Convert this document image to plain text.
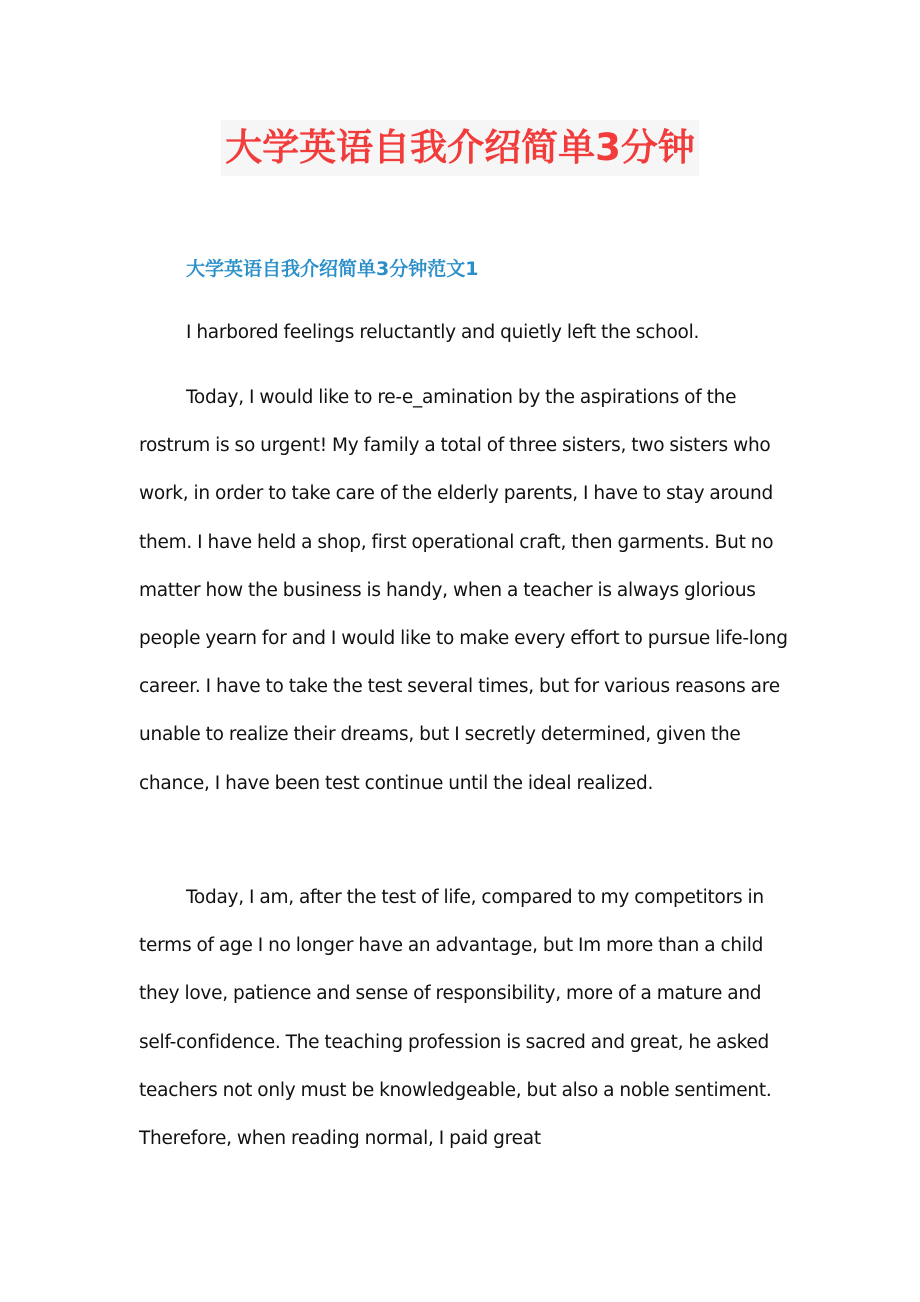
大学英语自我介绍简单3分钟
大学英语自我介绍简单3分钟范文1

I harbored feelings reluctantly and quietly left the school.

Today, I would like to re-e_amination by the aspirations of the rostrum is so urgent! My family a total of three sisters, two sisters who work, in order to take care of the elderly parents, I have to stay around them. I have held a shop, first operational craft, then garments. But no matter how the business is handy, when a teacher is always glorious people yearn for and I would like to make every effort to pursue life-long career. I have to take the test several times, but for various reasons are unable to realize their dreams, but I secretly determined, given the chance, I have been test continue until the ideal realized.

Today, I am, after the test of life, compared to my competitors in terms of age I no longer have an advantage, but Im more than a child they love, patience and sense of responsibility, more of a mature and self-confidence. The teaching profession is sacred and great, he asked teachers not only must be knowledgeable, but also a noble sentiment. Therefore, when reading normal, I paid great
